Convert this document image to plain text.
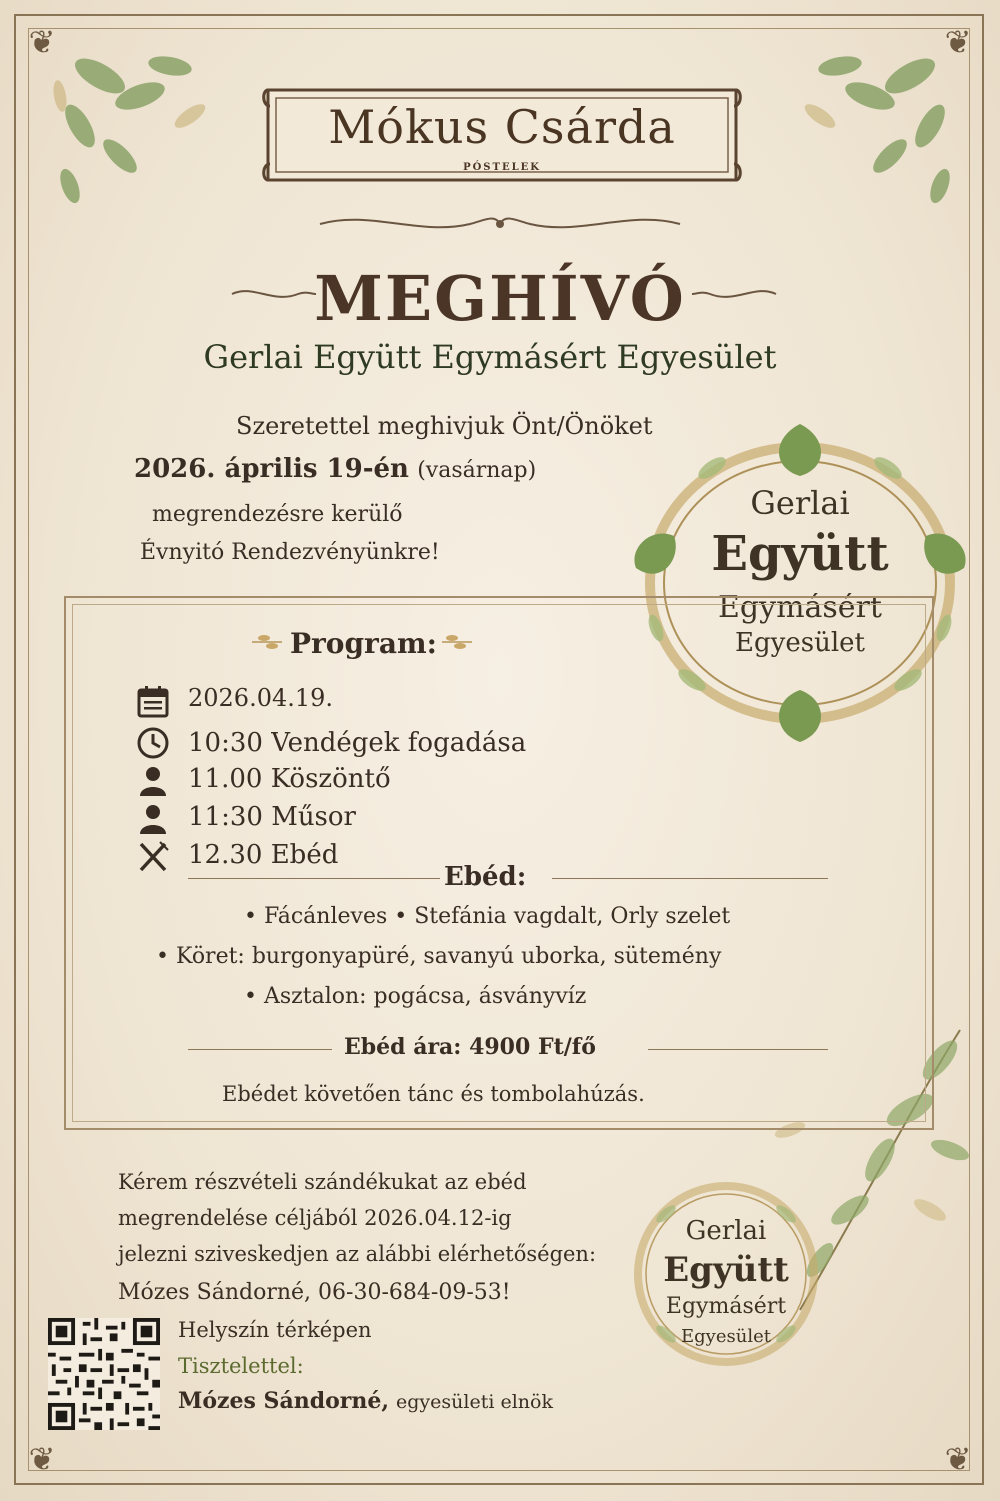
❦	❦
❦	❦
Mókus Csárda
PÓSTELEK
MEGHÍVÓ
Gerlai Együtt Egymásért Egyesület
Szeretettel meghivjuk Önt/Önöket
2026. április 19-én (vasárnap)
megrendezésre kerülő
Évnyitó Rendezvényünkre!
Gerlai
Együtt
Egymásért
Egyesület
Program:
2026.04.19.
10:30 Vendégek fogadása
11.00 Köszöntő
11:30 Műsor
12.30 Ebéd
Ebéd:
• Fácánleves • Stefánia vagdalt, Orly szelet
• Köret: burgonyapüré, savanyú uborka, sütemény
• Asztalon: pogácsa, ásványvíz
Ebéd ára: 4900 Ft/fő
Ebédet követően tánc és tombolahúzás.
Kérem részvételi szándékukat az ebéd
megrendelése céljából 2026.04.12-ig
jelezni sziveskedjen az alábbi elérhetőségen:
Mózes Sándorné, 06-30-684-09-53!
Gerlai
Együtt
Egymásért
Egyesület
Helyszín térképen
Tisztelettel:
Mózes Sándorné, egyesületi elnök
